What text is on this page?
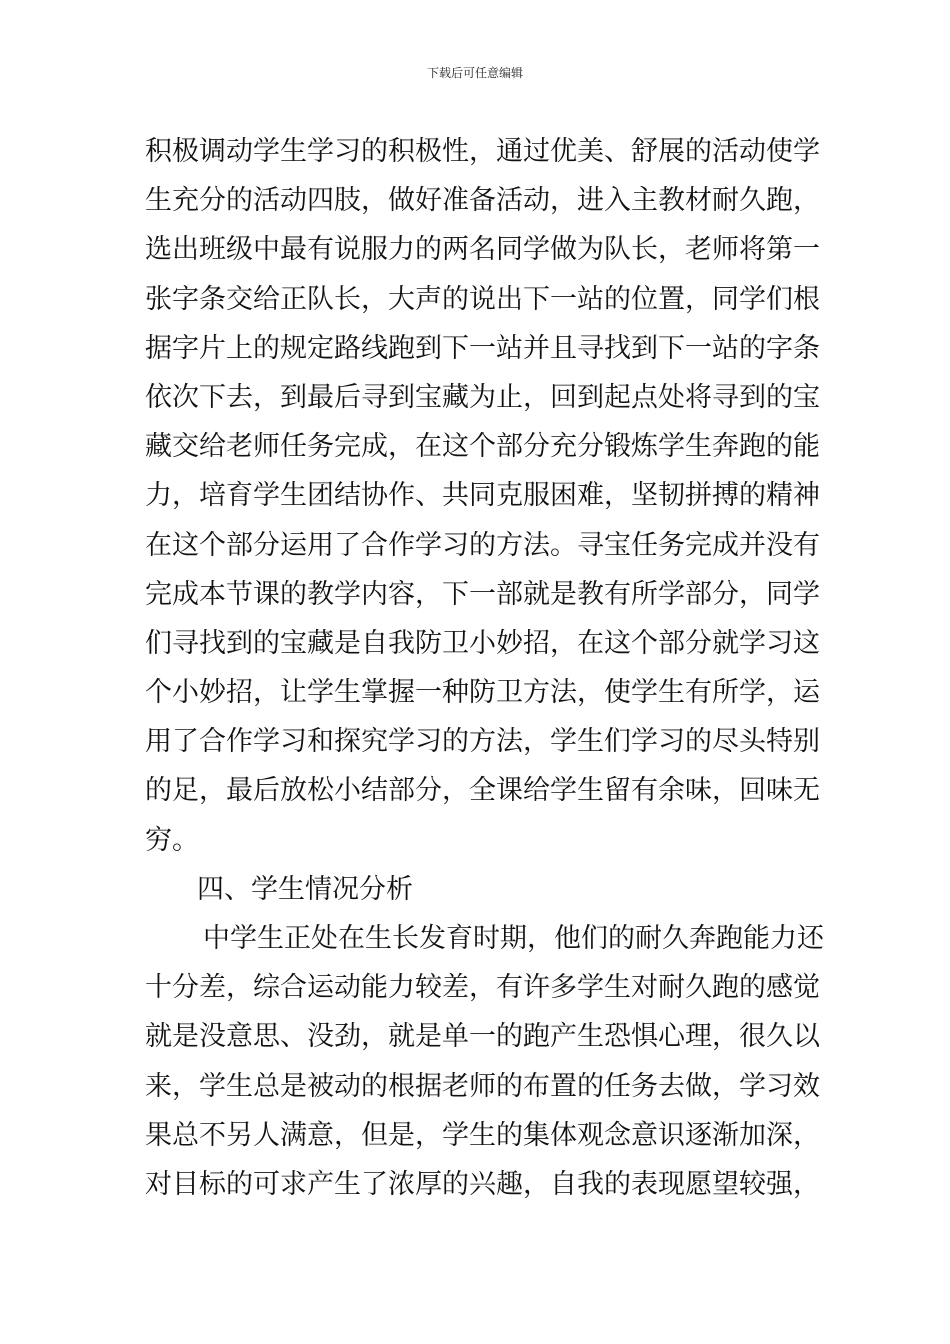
下载后可任意编辑
积极调动学生学习的积极性，通过优美、舒展的活动使学
生充分的活动四肢，做好准备活动，进入主教材耐久跑，
选出班级中最有说服力的两名同学做为队长，老师将第一
张字条交给正队长，大声的说出下一站的位置，同学们根
据字片上的规定路线跑到下一站并且寻找到下一站的字条
依次下去，到最后寻到宝藏为止，回到起点处将寻到的宝
藏交给老师任务完成，在这个部分充分锻炼学生奔跑的能
力，培育学生团结协作、共同克服困难，坚韧拼搏的精神
在这个部分运用了合作学习的方法。寻宝任务完成并没有
完成本节课的教学内容，下一部就是教有所学部分，同学
们寻找到的宝藏是自我防卫小妙招，在这个部分就学习这
个小妙招，让学生掌握一种防卫方法，使学生有所学，运
用了合作学习和探究学习的方法，学生们学习的尽头特别
的足，最后放松小结部分，全课给学生留有余味，回味无
穷。
四、学生情况分析
中学生正处在生长发育时期，他们的耐久奔跑能力还
十分差，综合运动能力较差，有许多学生对耐久跑的感觉
就是没意思、没劲，就是单一的跑产生恐惧心理，很久以
来，学生总是被动的根据老师的布置的任务去做，学习效
果总不另人满意，但是，学生的集体观念意识逐渐加深，
对目标的可求产生了浓厚的兴趣，自我的表现愿望较强，
